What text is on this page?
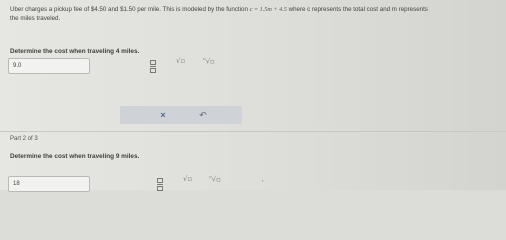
Uber charges a pickup fee of $4.50 and $1.50 per mile. This is modeled by the function c = 1.5m + 4.5 where c represents the total cost and m represents
the miles traveled.
Determine the cost when traveling 4 miles.
9.0
√▫	▫√▫
×	↶
Part 2 of 3
Determine the cost when traveling 9 miles.
18
√▫	▫√▫	•
